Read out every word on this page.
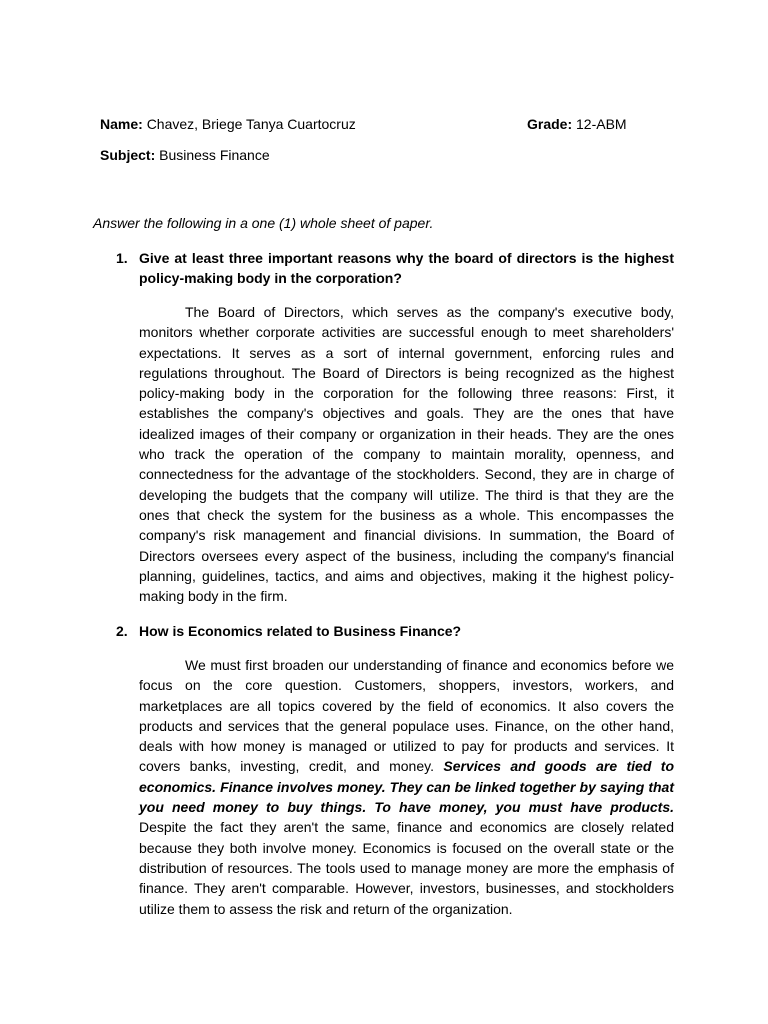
Name: Chavez, Briege Tanya Cuartocruz	Grade: 12-ABM
Subject: Business Finance
Answer the following in a one (1) whole sheet of paper.
1. Give at least three important reasons why the board of directors is the highest policy-making body in the corporation?

The Board of Directors, which serves as the company's executive body, monitors whether corporate activities are successful enough to meet shareholders' expectations. It serves as a sort of internal government, enforcing rules and regulations throughout. The Board of Directors is being recognized as the highest policy-making body in the corporation for the following three reasons: First, it establishes the company's objectives and goals. They are the ones that have idealized images of their company or organization in their heads. They are the ones who track the operation of the company to maintain morality, openness, and connectedness for the advantage of the stockholders. Second, they are in charge of developing the budgets that the company will utilize. The third is that they are the ones that check the system for the business as a whole. This encompasses the company's risk management and financial divisions. In summation, the Board of Directors oversees every aspect of the business, including the company's financial planning, guidelines, tactics, and aims and objectives, making it the highest policy-making body in the firm.

2. How is Economics related to Business Finance?

We must first broaden our understanding of finance and economics before we focus on the core question. Customers, shoppers, investors, workers, and marketplaces are all topics covered by the field of economics. It also covers the products and services that the general populace uses. Finance, on the other hand, deals with how money is managed or utilized to pay for products and services. It covers banks, investing, credit, and money. Services and goods are tied to economics. Finance involves money. They can be linked together by saying that you need money to buy things. To have money, you must have products. Despite the fact they aren't the same, finance and economics are closely related because they both involve money. Economics is focused on the overall state or the distribution of resources. The tools used to manage money are more the emphasis of finance. They aren't comparable. However, investors, businesses, and stockholders utilize them to assess the risk and return of the organization.
